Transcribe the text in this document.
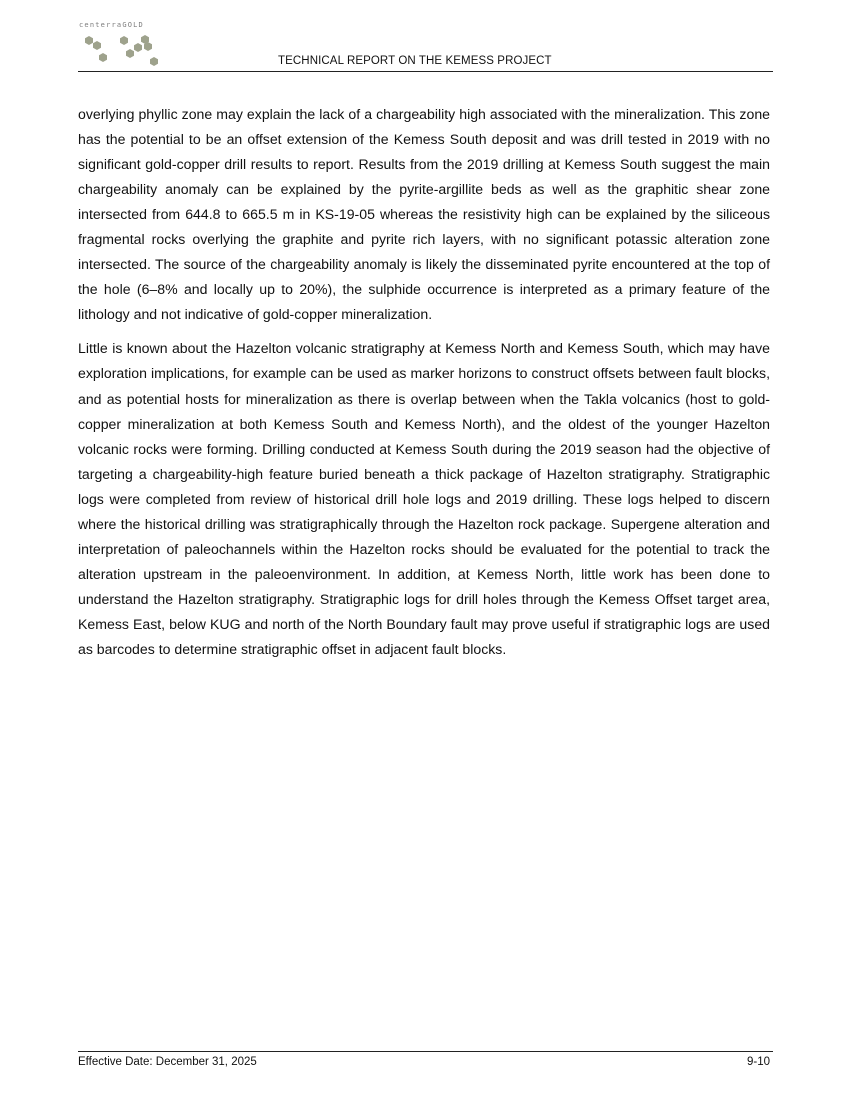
centerraGOLD
TECHNICAL REPORT ON THE KEMESS PROJECT

overlying phyllic zone may explain the lack of a chargeability high associated with the mineralization. This zone has the potential to be an offset extension of the Kemess South deposit and was drill tested in 2019 with no significant gold-copper drill results to report. Results from the 2019 drilling at Kemess South suggest the main chargeability anomaly can be explained by the pyrite-argillite beds as well as the graphitic shear zone intersected from 644.8 to 665.5 m in KS-19-05 whereas the resistivity high can be explained by the siliceous fragmental rocks overlying the graphite and pyrite rich layers, with no significant potassic alteration zone intersected. The source of the chargeability anomaly is likely the disseminated pyrite encountered at the top of the hole (6–8% and locally up to 20%), the sulphide occurrence is interpreted as a primary feature of the lithology and not indicative of gold-copper mineralization.

Little is known about the Hazelton volcanic stratigraphy at Kemess North and Kemess South, which may have exploration implications, for example can be used as marker horizons to construct offsets between fault blocks, and as potential hosts for mineralization as there is overlap between when the Takla volcanics (host to gold-copper mineralization at both Kemess South and Kemess North), and the oldest of the younger Hazelton volcanic rocks were forming. Drilling conducted at Kemess South during the 2019 season had the objective of targeting a chargeability-high feature buried beneath a thick package of Hazelton stratigraphy. Stratigraphic logs were completed from review of historical drill hole logs and 2019 drilling. These logs helped to discern where the historical drilling was stratigraphically through the Hazelton rock package. Supergene alteration and interpretation of paleochannels within the Hazelton rocks should be evaluated for the potential to track the alteration upstream in the paleoenvironment. In addition, at Kemess North, little work has been done to understand the Hazelton stratigraphy. Stratigraphic logs for drill holes through the Kemess Offset target area, Kemess East, below KUG and north of the North Boundary fault may prove useful if stratigraphic logs are used as barcodes to determine stratigraphic offset in adjacent fault blocks.

Effective Date: December 31, 2025	9-10
